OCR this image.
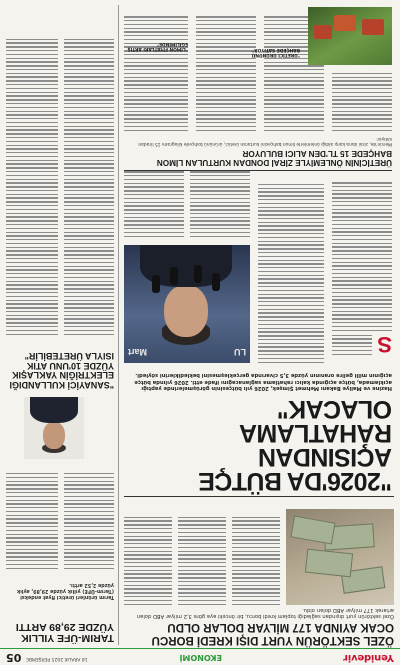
Yenidevir
EKONOMİ
18 ARALIK 2025 PERŞEMBE
05
ÖZEL SEKTÖRÜN YURT DIŞI KREDİ BORCU OCAK AYINDA 177 MİLYAR DOLAR OLDU
Özel sektörün yurt dışından sağladığı toplam kredi borcu, bir önceki aya göre 3,2 milyar ABD doları artarak 177 milyar ABD doları oldu.
TARIM-ÜFE YILLIK YÜZDE 29,89 ARTTI
Tarım ürünleri üretici fiyat endeksi (Tarım-ÜFE) yıllık yüzde 29,89, aylık yüzde 2,52 arttı.
"SANAYİCİ KULLANDIĞI ELEKTRİĞİN YAKLAŞIK YÜZDE 10'UNU ATIK ISIYLA ÜRETEBİLİR"
"2026'DA BÜTÇE AÇISINDAN RAHATLAMA OLACAK"
Hazine ve Maliye Bakanı Mehmet Şimşek, 2026 yılı bütçesinin görüşmelerinde yaptığı açıklamada, bütçe açığında kalıcı rahatlama sağlanacağını ifade etti. 2026 yılında bütçe açığının milli gelire oranının yüzde 3,5 civarında gerçekleşmesini beklediklerini söyledi.
S
LU
Mart
ÜRETİCİNİN ÖNLEMİYLE ZİRAİ DONDAN KURTULAN LİMON BAHÇEDE 15 TL'DEN ALICI BULUYOR
Mersin'de, zirai dona karşı aldığı önlemlerle limon bahçesini kurtaran üretici, ürününü bahçede kilogramı 15 liradan satıyor.
"ÜRETİCİ ÜRÜNÜNÜ BAHÇEDE SATIYOR"
"LİMON FİYATLARI ARTIŞ EĞİLİMİNDE"
